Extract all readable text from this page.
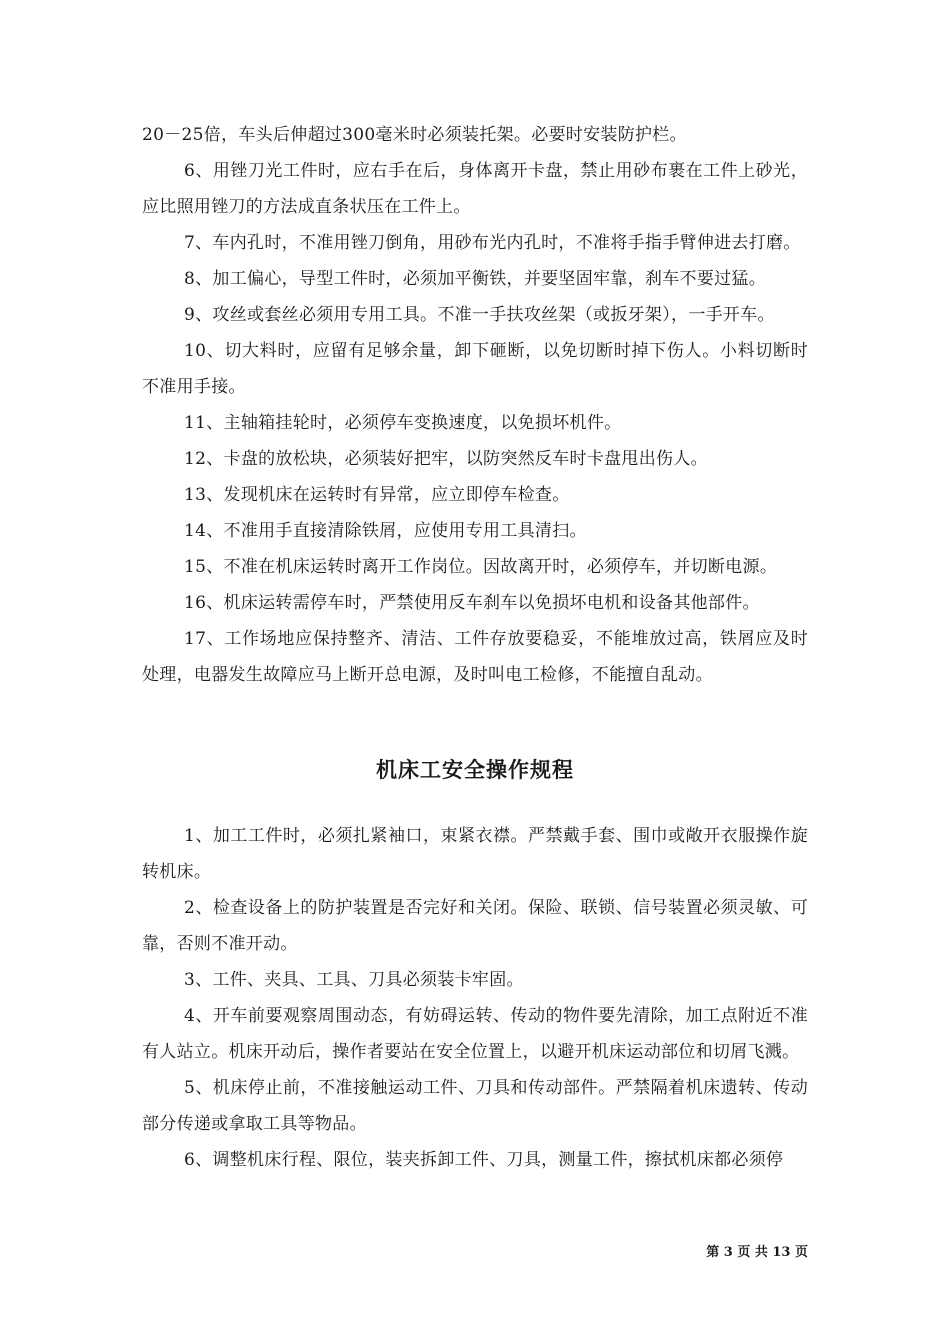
20－25倍，车头后伸超过300毫米时必须装托架。必要时安装防护栏。

6、用锉刀光工件时，应右手在后，身体离开卡盘，禁止用砂布裹在工件上砂光，应比照用锉刀的方法成直条状压在工件上。

7、车内孔时，不准用锉刀倒角，用砂布光内孔时，不准将手指手臂伸进去打磨。

8、加工偏心，导型工件时，必须加平衡铁，并要坚固牢靠，刹车不要过猛。

9、攻丝或套丝必须用专用工具。不准一手扶攻丝架（或扳牙架），一手开车。

10、切大料时，应留有足够余量，卸下砸断，以免切断时掉下伤人。小料切断时不准用手接。

11、主轴箱挂轮时，必须停车变换速度，以免损坏机件。

12、卡盘的放松块，必须装好把牢，以防突然反车时卡盘甩出伤人。

13、发现机床在运转时有异常，应立即停车检查。

14、不准用手直接清除铁屑，应使用专用工具清扫。

15、不准在机床运转时离开工作岗位。因故离开时，必须停车，并切断电源。

16、机床运转需停车时，严禁使用反车刹车以免损坏电机和设备其他部件。

17、工作场地应保持整齐、清洁、工件存放要稳妥，不能堆放过高，铁屑应及时处理，电器发生故障应马上断开总电源，及时叫电工检修，不能擅自乱动。

机床工安全操作规程

1、加工工件时，必须扎紧袖口，束紧衣襟。严禁戴手套、围巾或敞开衣服操作旋转机床。

2、检查设备上的防护装置是否完好和关闭。保险、联锁、信号装置必须灵敏、可靠，否则不准开动。

3、工件、夹具、工具、刀具必须装卡牢固。

4、开车前要观察周围动态，有妨碍运转、传动的物件要先清除，加工点附近不准有人站立。机床开动后，操作者要站在安全位置上，以避开机床运动部位和切屑飞溅。

5、机床停止前，不准接触运动工件、刀具和传动部件。严禁隔着机床遗转、传动部分传递或拿取工具等物品。

6、调整机床行程、限位，装夹拆卸工件、刀具，测量工件，擦拭机床都必须停

第 3 页 共 13 页
